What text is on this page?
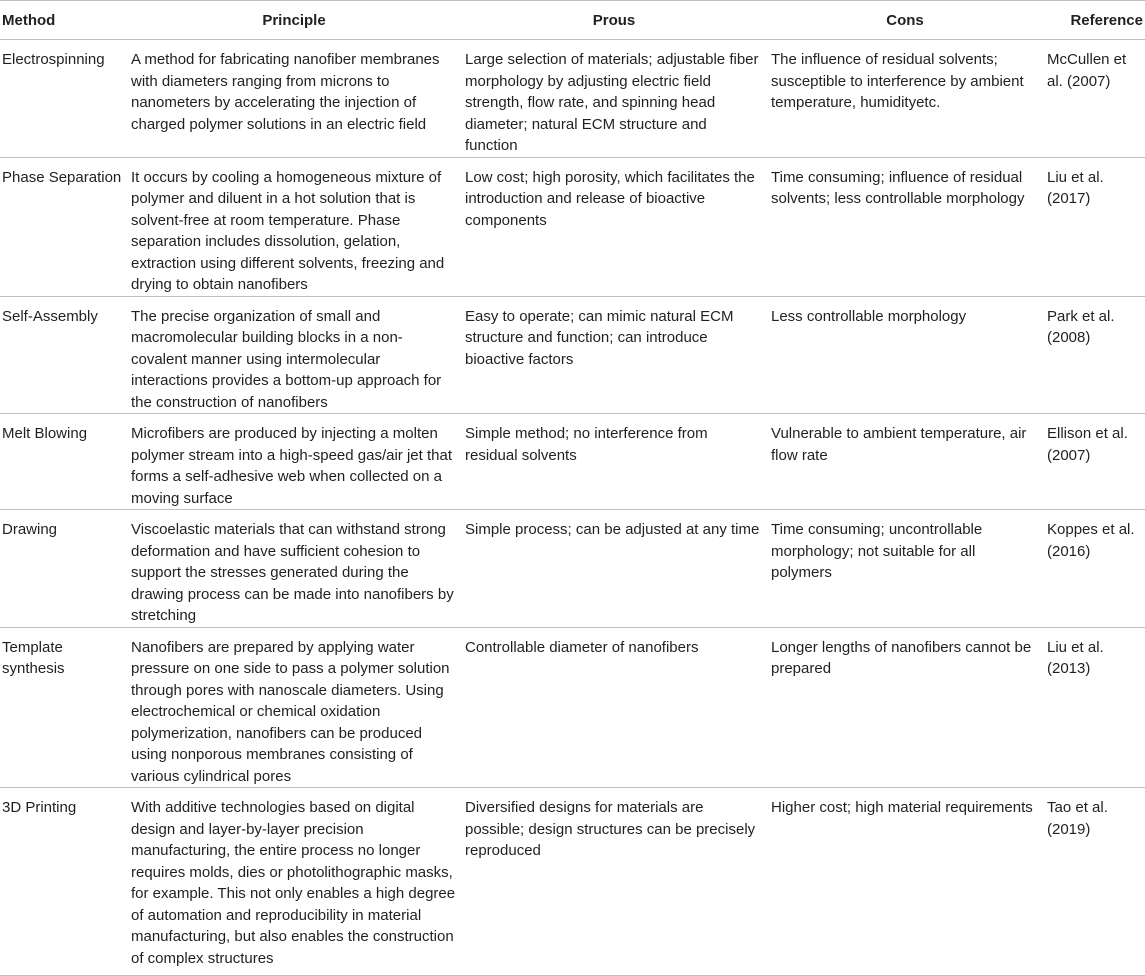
Method	Principle	Prous	Cons	Reference
Electrospinning	A method for fabricating nanofiber membranes with diameters ranging from microns to nanometers by accelerating the injection of charged polymer solutions in an electric field	Large selection of materials; adjustable fiber morphology by adjusting electric field strength, flow rate, and spinning head diameter; natural ECM structure and function	The influence of residual solvents; susceptible to interference by ambient temperature, humidityetc.	McCullen et al. (2007)
Phase Separation	It occurs by cooling a homogeneous mixture of polymer and diluent in a hot solution that is solvent-free at room temperature. Phase separation includes dissolution, gelation, extraction using different solvents, freezing and drying to obtain nanofibers	Low cost; high porosity, which facilitates the introduction and release of bioactive components	Time consuming; influence of residual solvents; less controllable morphology	Liu et al. (2017)
Self-Assembly	The precise organization of small and macromolecular building blocks in a non-covalent manner using intermolecular interactions provides a bottom-up approach for the construction of nanofibers	Easy to operate; can mimic natural ECM structure and function; can introduce bioactive factors	Less controllable morphology	Park et al. (2008)
Melt Blowing	Microfibers are produced by injecting a molten polymer stream into a high-speed gas/air jet that forms a self-adhesive web when collected on a moving surface	Simple method; no interference from residual solvents	Vulnerable to ambient temperature, air flow rate	Ellison et al. (2007)
Drawing	Viscoelastic materials that can withstand strong deformation and have sufficient cohesion to support the stresses generated during the drawing process can be made into nanofibers by stretching	Simple process; can be adjusted at any time	Time consuming; uncontrollable morphology; not suitable for all polymers	Koppes et al. (2016)
Template synthesis	Nanofibers are prepared by applying water pressure on one side to pass a polymer solution through pores with nanoscale diameters. Using electrochemical or chemical oxidation polymerization, nanofibers can be produced using nonporous membranes consisting of various cylindrical pores	Controllable diameter of nanofibers	Longer lengths of nanofibers cannot be prepared	Liu et al. (2013)
3D Printing	With additive technologies based on digital design and layer-by-layer precision manufacturing, the entire process no longer requires molds, dies or photolithographic masks, for example. This not only enables a high degree of automation and reproducibility in material manufacturing, but also enables the construction of complex structures	Diversified designs for materials are possible; design structures can be precisely reproduced	Higher cost; high material requirements	Tao et al. (2019)
